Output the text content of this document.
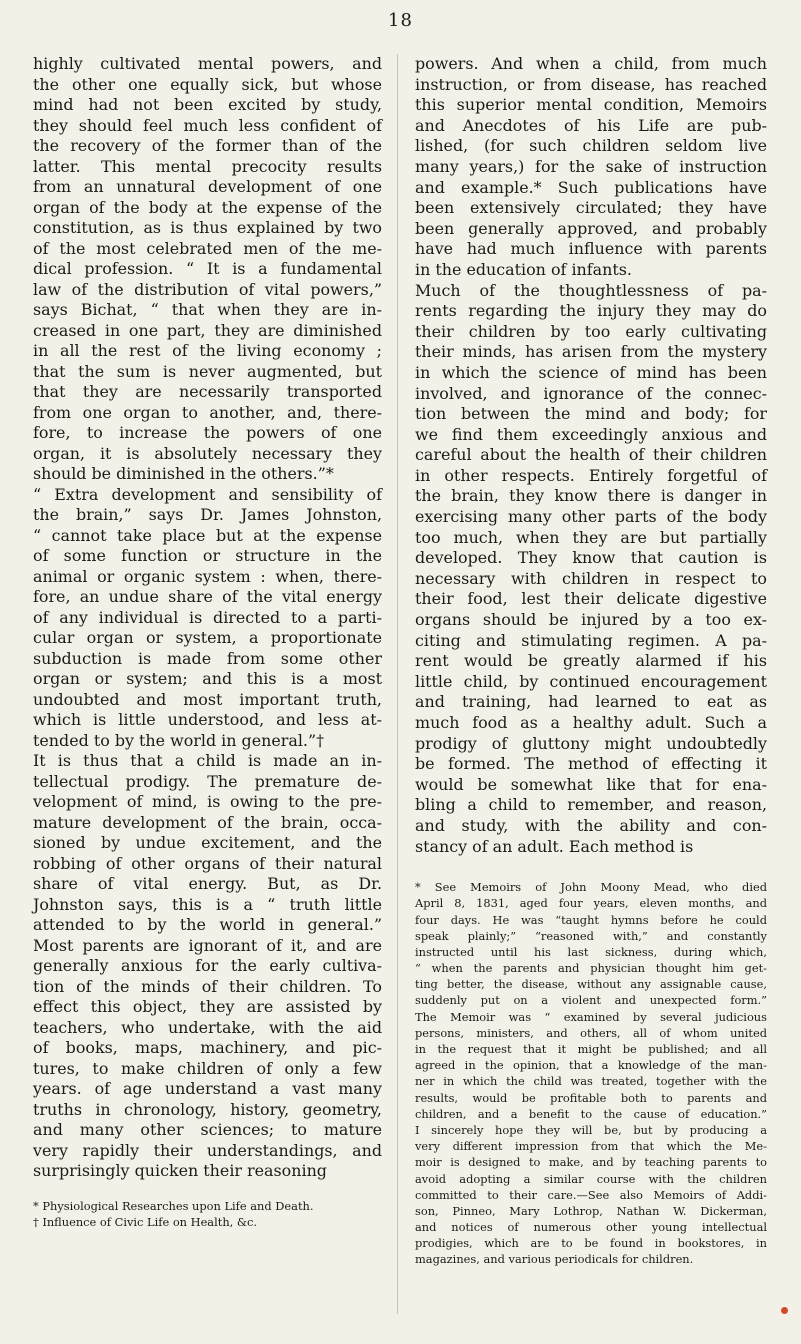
18
highly cultivated mental powers, and
the other one equally sick, but whose
mind had not been excited by study,
they should feel much less confident of
the recovery of the former than of the
latter. This mental precocity results
from an unnatural development of one
organ of the body at the expense of the
constitution, as is thus explained by two
of the most celebrated men of the me-
dical profession. “ It is a fundamental
law of the distribution of vital powers,”
says Bichat, “ that when they are in-
creased in one part, they are diminished
in all the rest of the living economy ;
that the sum is never augmented, but
that they are necessarily transported
from one organ to another, and, there-
fore, to increase the powers of one
organ, it is absolutely necessary they
should be diminished in the others.”*
“ Extra development and sensibility of
the brain,” says Dr. James Johnston,
“ cannot take place but at the expense
of some function or structure in the
animal or organic system : when, there-
fore, an undue share of the vital energy
of any individual is directed to a parti-
cular organ or system, a proportionate
subduction is made from some other
organ or system; and this is a most
undoubted and most important truth,
which is little understood, and less at-
tended to by the world in general.”†
It is thus that a child is made an in-
tellectual prodigy. The premature de-
velopment of mind, is owing to the pre-
mature development of the brain, occa-
sioned by undue excitement, and the
robbing of other organs of their natural
share of vital energy. But, as Dr.
Johnston says, this is a “ truth little
attended to by the world in general.”
Most parents are ignorant of it, and are
generally anxious for the early cultiva-
tion of the minds of their children. To
effect this object, they are assisted by
teachers, who undertake, with the aid
of books, maps, machinery, and pic-
tures, to make children of only a few
years. of age understand a vast many
truths in chronology, history, geometry,
and many other sciences; to mature
very rapidly their understandings, and
surprisingly quicken their reasoning
* Physiological Researches upon Life and Death.
† Influence of Civic Life on Health, &c.
powers. And when a child, from much
instruction, or from disease, has reached
this superior mental condition, Memoirs
and Anecdotes of his Life are pub-
lished, (for such children seldom live
many years,) for the sake of instruction
and example.* Such publications have
been extensively circulated; they have
been generally approved, and probably
have had much influence with parents
in the education of infants.
Much of the thoughtlessness of pa-
rents regarding the injury they may do
their children by too early cultivating
their minds, has arisen from the mystery
in which the science of mind has been
involved, and ignorance of the connec-
tion between the mind and body; for
we find them exceedingly anxious and
careful about the health of their children
in other respects. Entirely forgetful of
the brain, they know there is danger in
exercising many other parts of the body
too much, when they are but partially
developed. They know that caution is
necessary with children in respect to
their food, lest their delicate digestive
organs should be injured by a too ex-
citing and stimulating regimen. A pa-
rent would be greatly alarmed if his
little child, by continued encouragement
and training, had learned to eat as
much food as a healthy adult. Such a
prodigy of gluttony might undoubtedly
be formed. The method of effecting it
would be somewhat like that for ena-
bling a child to remember, and reason,
and study, with the ability and con-
stancy of an adult. Each method is
* See Memoirs of John Moony Mead, who died
April 8, 1831, aged four years, eleven months, and
four days. He was “taught hymns before he could
speak plainly;” “reasoned with,” and constantly
instructed until his last sickness, during which,
“ when the parents and physician thought him get-
ting better, the disease, without any assignable cause,
suddenly put on a violent and unexpected form.”
The Memoir was “ examined by several judicious
persons, ministers, and others, all of whom united
in the request that it might be published; and all
agreed in the opinion, that a knowledge of the man-
ner in which the child was treated, together with the
results, would be profitable both to parents and
children, and a benefit to the cause of education.”
I sincerely hope they will be, but by producing a
very different impression from that which the Me-
moir is designed to make, and by teaching parents to
avoid adopting a similar course with the children
committed to their care.—See also Memoirs of Addi-
son, Pinneo, Mary Lothrop, Nathan W. Dickerman,
and notices of numerous other young intellectual
prodigies, which are to be found in bookstores, in
magazines, and various periodicals for children.
